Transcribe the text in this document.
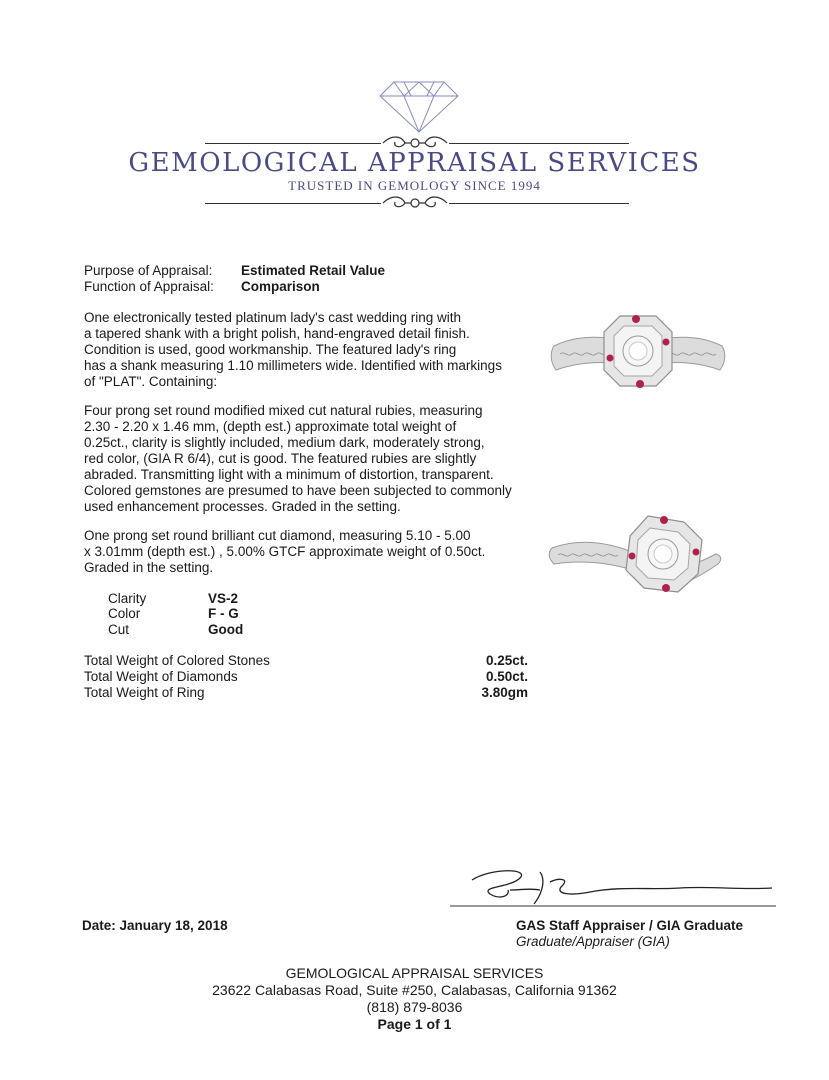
GEMOLOGICAL APPRAISAL SERVICES
TRUSTED IN GEMOLOGY SINCE 1994
Purpose of Appraisal: Estimated Retail Value
Function of Appraisal: Comparison
One electronically tested platinum lady's cast wedding ring with
a tapered shank with a bright polish, hand-engraved detail finish.
Condition is used, good workmanship. The featured lady's ring
has a shank measuring 1.10 millimeters wide. Identified with markings
of "PLAT". Containing:
Four prong set round modified mixed cut natural rubies, measuring
2.30 - 2.20 x 1.46 mm, (depth est.) approximate total weight of
0.25ct., clarity is slightly included, medium dark, moderately strong,
red color, (GIA R 6/4), cut is good. The featured rubies are slightly
abraded. Transmitting light with a minimum of distortion, transparent.
Colored gemstones are presumed to have been subjected to commonly
used enhancement processes. Graded in the setting.
One prong set round brilliant cut diamond, measuring 5.10 - 5.00
x 3.01mm (depth est.) , 5.00% GTCF approximate weight of 0.50ct.
Graded in the setting.
Clarity	VS-2
Color	F - G
Cut	Good
Total Weight of Colored Stones	0.25ct.
Total Weight of Diamonds	0.50ct.
Total Weight of Ring	3.80gm
Date: January 18, 2018	GAS Staff Appraiser / GIA Graduate
Graduate/Appraiser (GIA)
GEMOLOGICAL APPRAISAL SERVICES
23622 Calabasas Road, Suite #250, Calabasas, California 91362
(818) 879-8036
Page 1 of 1
